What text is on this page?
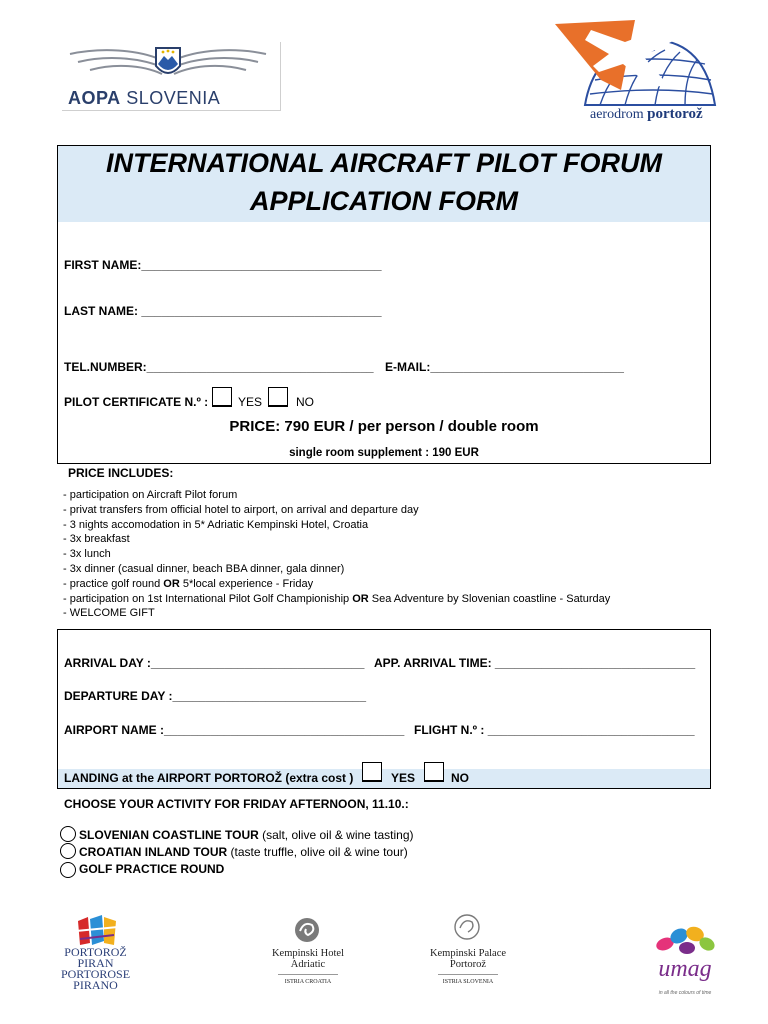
AOPA SLOVENIA
aerodrom portorož
INTERNATIONAL AIRCRAFT PILOT FORUM
APPLICATION FORM
FIRST NAME:____________________________________
LAST NAME: ____________________________________
TEL.NUMBER:__________________________________ E-MAIL:_____________________________
PILOT CERTIFICATE N.º : YES	NO
PRICE: 790 EUR / per person / double room
single room supplement : 190 EUR
PRICE INCLUDES:
- participation on Aircraft Pilot forum
- privat transfers from official hotel to airport, on arrival and departure day
- 3 nights accomodation in 5* Adriatic Kempinski Hotel, Croatia
- 3x breakfast
- 3x lunch
- 3x dinner (casual dinner, beach BBA dinner, gala dinner)
- practice golf round OR 5*local experience - Friday
- participation on 1st International Pilot Golf Championiship OR Sea Adventure by Slovenian coastline - Saturday
- WELCOME GIFT
ARRIVAL DAY :________________________________ APP. ARRIVAL TIME: ______________________________
DEPARTURE DAY :_____________________________
AIRPORT NAME :____________________________________ FLIGHT N.º : _______________________________
LANDING at the AIRPORT PORTOROŽ (extra cost )	YES	NO
CHOOSE YOUR ACTIVITY FOR FRIDAY AFTERNOON, 11.10.:
SLOVENIAN COASTLINE TOUR (salt, olive oil & wine tasting)
CROATIAN INLAND TOUR (taste truffle, olive oil & wine tour)
GOLF PRACTICE ROUND
PORTOROŽ
PIRAN
PORTOROSE
PIRANO
Kempinski Hotel
Adriatic
ISTRIA CROATIA
Kempinski Palace
Portorož
ISTRIA SLOVENIA	umag
in all the colours of time
